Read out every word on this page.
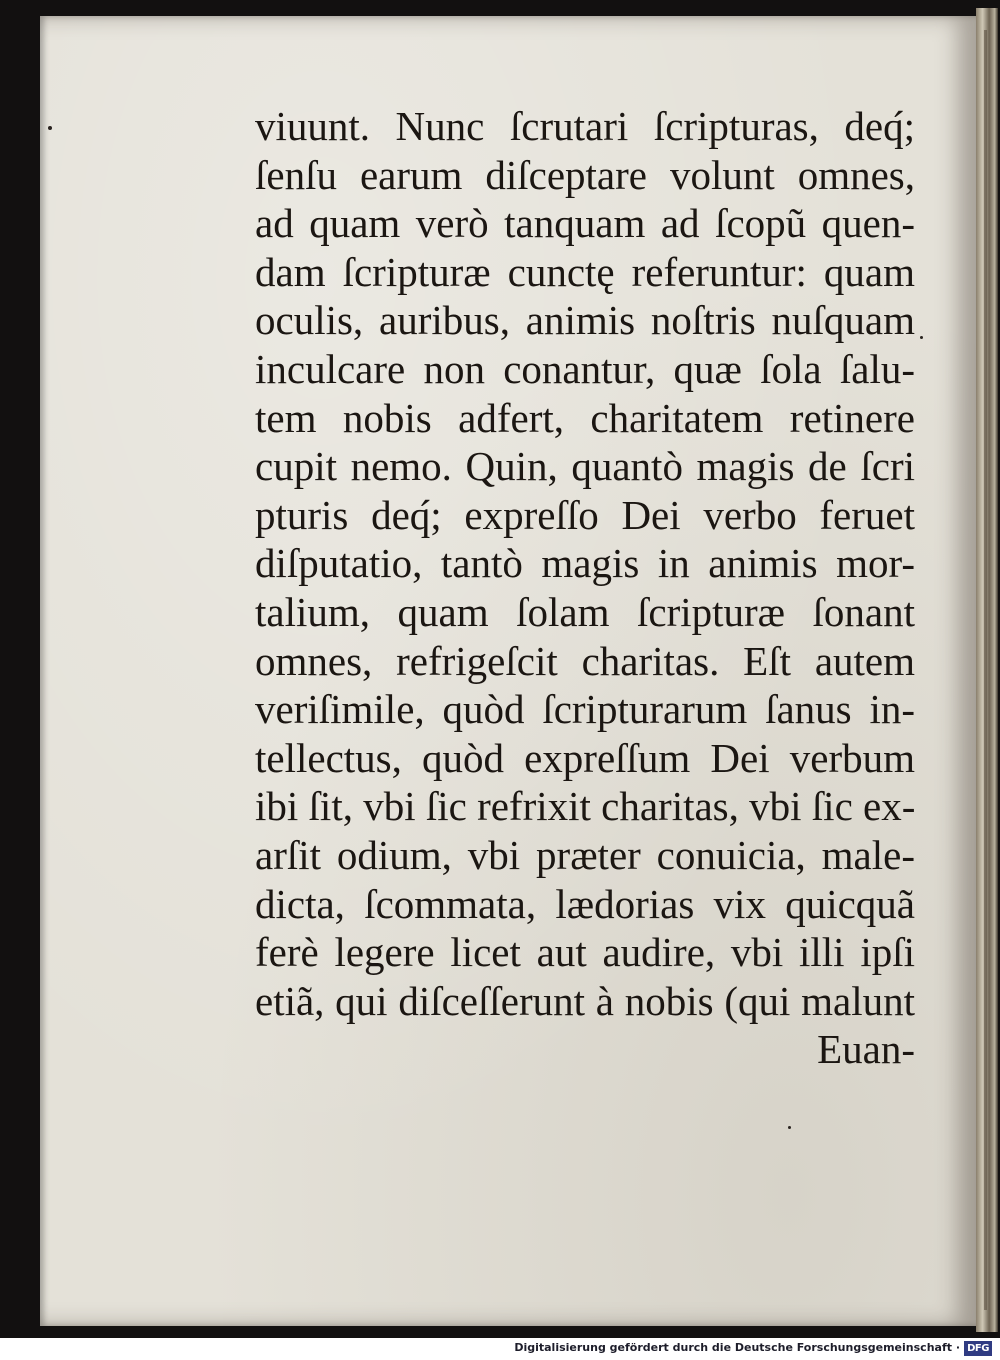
viuunt. Nunc ſcrutari ſcripturas, deq́;
ſenſu earum diſceptare volunt omnes,
ad quam verò tanquam ad ſcopũ quen-
dam ſcripturæ cunctę referuntur: quam
oculis, auribus, animis noſtris nuſquam
inculcare non conantur, quæ ſola ſalu-
tem nobis adfert, charitatem retinere
cupit nemo. Quin, quantò magis de ſcri
pturis deq́; expreſſo Dei verbo feruet
diſputatio, tantò magis in animis mor-
talium, quam ſolam ſcripturæ ſonant
omnes, refrigeſcit charitas. Eſt autem
veriſimile, quòd ſcripturarum ſanus in-
tellectus, quòd expreſſum Dei verbum
ibi ſit, vbi ſic refrixit charitas, vbi ſic ex-
arſit odium, vbi præter conuicia, male-
dicta, ſcommata, lædorias vix quicquã
ferè legere licet aut audire, vbi illi ipſi
etiã, qui diſceſſerunt à nobis (qui malunt
Euan-
Digitalisierung gefördert durch die Deutsche Forschungsgemeinschaft · DFG
